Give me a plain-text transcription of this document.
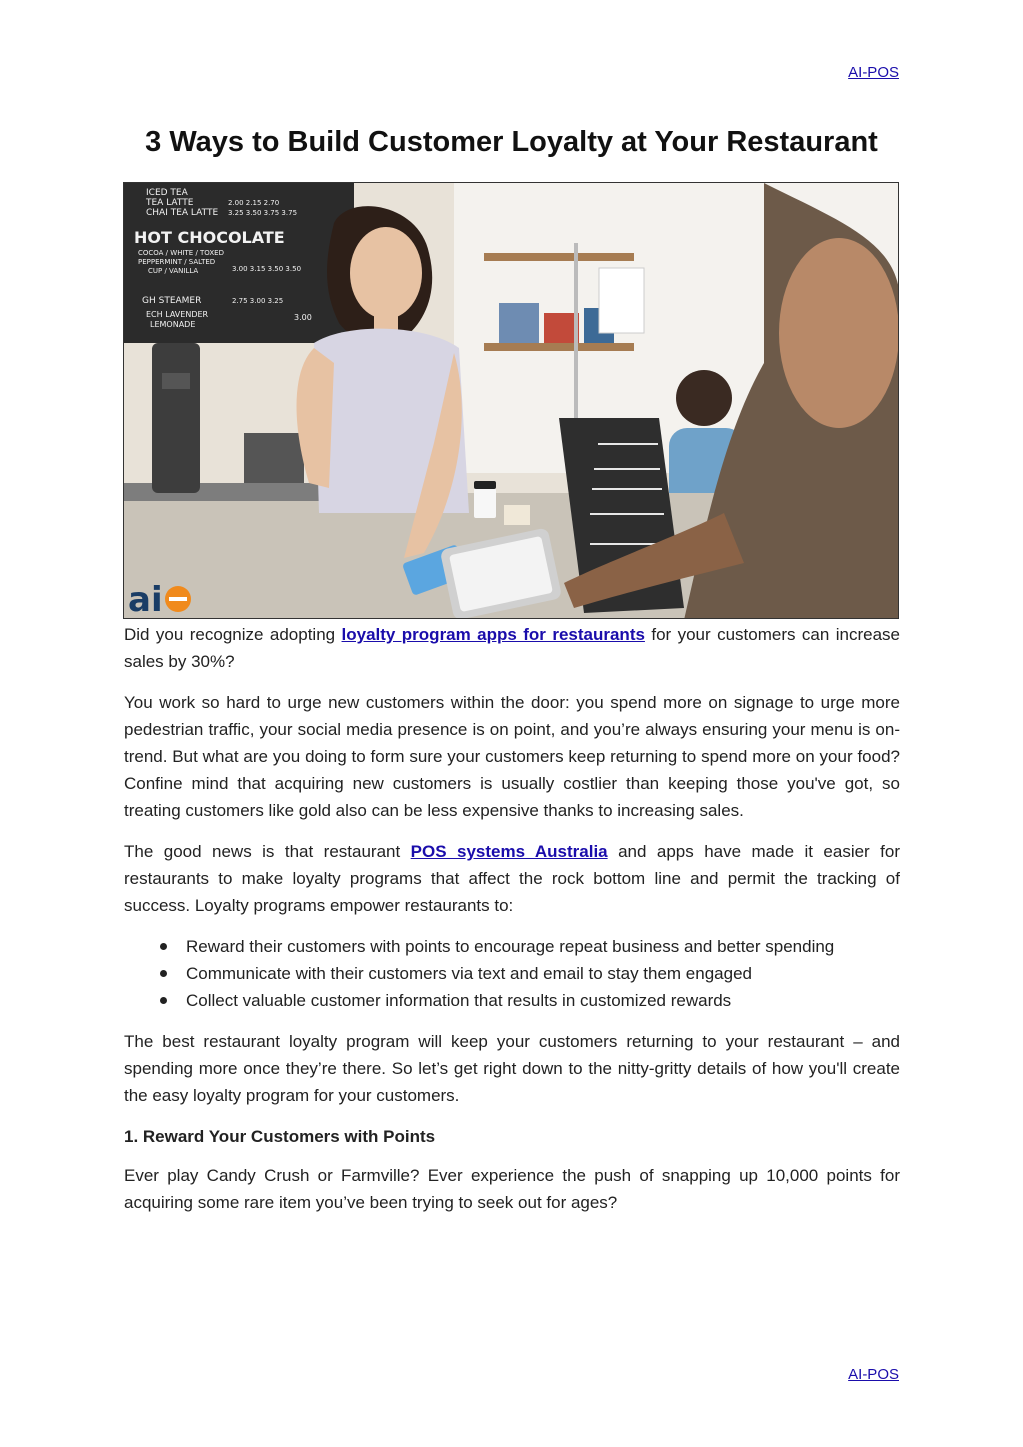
AI-POS
3 Ways to Build Customer Loyalty at Your Restaurant
ICED TEA
TEA LATTE
CHAI TEA LATTE
2.00 2.15 2.70
3.25 3.50 3.75 3.75
HOT CHOCOLATE
COCOA / WHITE / TOXED
PEPPERMINT / SALTED
CUP / VANILLA	3.00 3.15 3.50 3.50
GH STEAMER	2.75 3.00 3.25
ECH LAVENDER
LEMONADE
3.00
ai

Did you recognize adopting loyalty program apps for restaurants for your customers can increase sales by 30%?

You work so hard to urge new customers within the door: you spend more on signage to urge more pedestrian traffic, your social media presence is on point, and you’re always ensuring your menu is on-trend. But what are you doing to form sure your customers keep returning to spend more on your food? Confine mind that acquiring new customers is usually costlier than keeping those you've got, so treating customers like gold also can be less expensive thanks to increasing sales.

The good news is that restaurant POS systems Australia and apps have made it easier for restaurants to make loyalty programs that affect the rock bottom line and permit the tracking of success. Loyalty programs empower restaurants to:

Reward their customers with points to encourage repeat business and better spending
Communicate with their customers via text and email to stay them engaged
Collect valuable customer information that results in customized rewards

The best restaurant loyalty program will keep your customers returning to your restaurant – and spending more once they’re there. So let’s get right down to the nitty-gritty details of how you'll create the easy loyalty program for your customers.

1. Reward Your Customers with Points

Ever play Candy Crush or Farmville? Ever experience the push of snapping up 10,000 points for acquiring some rare item you’ve been trying to seek out for ages?

AI-POS
